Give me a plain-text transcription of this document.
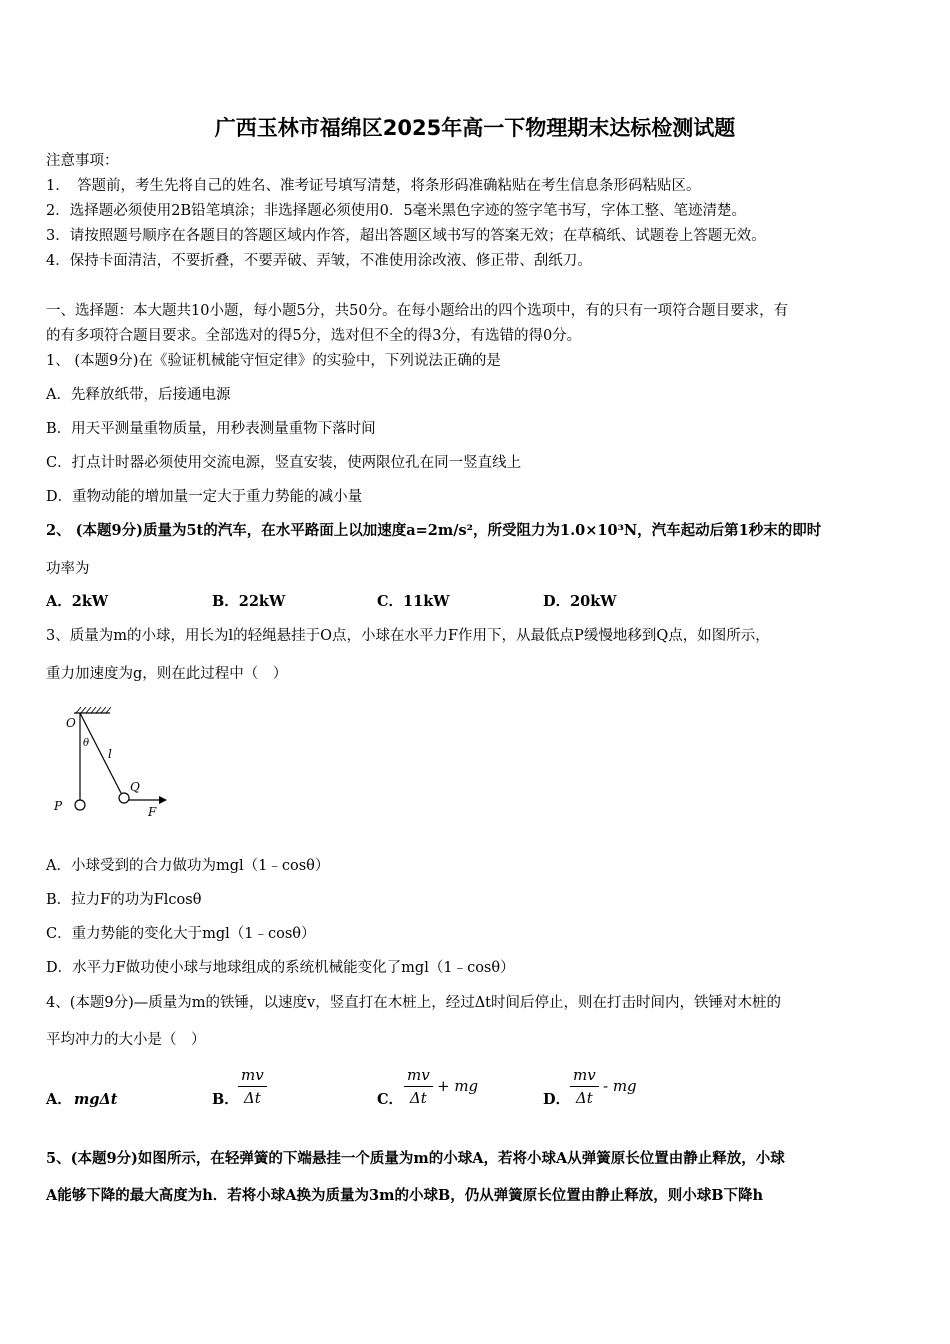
广西玉林市福绵区2025年高一下物理期末达标检测试题
注意事项：
1．　答题前，考生先将自己的姓名、准考证号填写清楚，将条形码准确粘贴在考生信息条形码粘贴区。
2．选择题必须使用2B铅笔填涂；非选择题必须使用0．5毫米黑色字迹的签字笔书写，字体工整、笔迹清楚。
3．请按照题号顺序在各题目的答题区域内作答，超出答题区域书写的答案无效；在草稿纸、试题卷上答题无效。
4．保持卡面清洁，不要折叠，不要弄破、弄皱，不准使用涂改液、修正带、刮纸刀。
一、选择题：本大题共10小题，每小题5分，共50分。在每小题给出的四个选项中，有的只有一项符合题目要求，有
的有多项符合题目要求。全部选对的得5分，选对但不全的得3分，有选错的得0分。
1、 (本题9分)在《验证机械能守恒定律》的实验中，下列说法正确的是
A．先释放纸带，后接通电源
B．用天平测量重物质量，用秒表测量重物下落时间
C．打点计时器必须使用交流电源，竖直安装，使两限位孔在同一竖直线上
D．重物动能的增加量一定大于重力势能的减小量
2、 (本题9分)质量为5t的汽车，在水平路面上以加速度a=2m/s²，所受阻力为1.0×10³N，汽车起动后第1秒末的即时
功率为
A．2kW	B．22kW	C．11kW	D．20kW
3、质量为m的小球，用长为l的轻绳悬挂于O点，小球在水平力F作用下，从最低点P缓慢地移到Q点，如图所示，
重力加速度为g，则在此过程中（　）
O
θ
l
Q
P	F
A．小球受到的合力做功为mgl（1﹣cosθ）
B．拉力F的功为Flcosθ
C．重力势能的变化大于mgl（1﹣cosθ）
D．水平力F做功使小球与地球组成的系统机械能变化了mgl（1﹣cosθ）
4、(本题9分)—质量为m的铁锤，以速度v，竖直打在木桩上，经过Δt时间后停止，则在打击时间内，铁锤对木桩的
平均冲力的大小是（　）
A． mgΔt	B． $\frac{mv}{\Delta t}$	C． $\frac{mv}{\Delta t}$ + mg
D． $\frac{mv}{\Delta t}$ - mg
5、(本题9分)如图所示，在轻弹簧的下端悬挂一个质量为m的小球A，若将小球A从弹簧原长位置由静止释放，小球
A能够下降的最大高度为h．若将小球A换为质量为3m的小球B，仍从弹簧原长位置由静止释放，则小球B下降h
